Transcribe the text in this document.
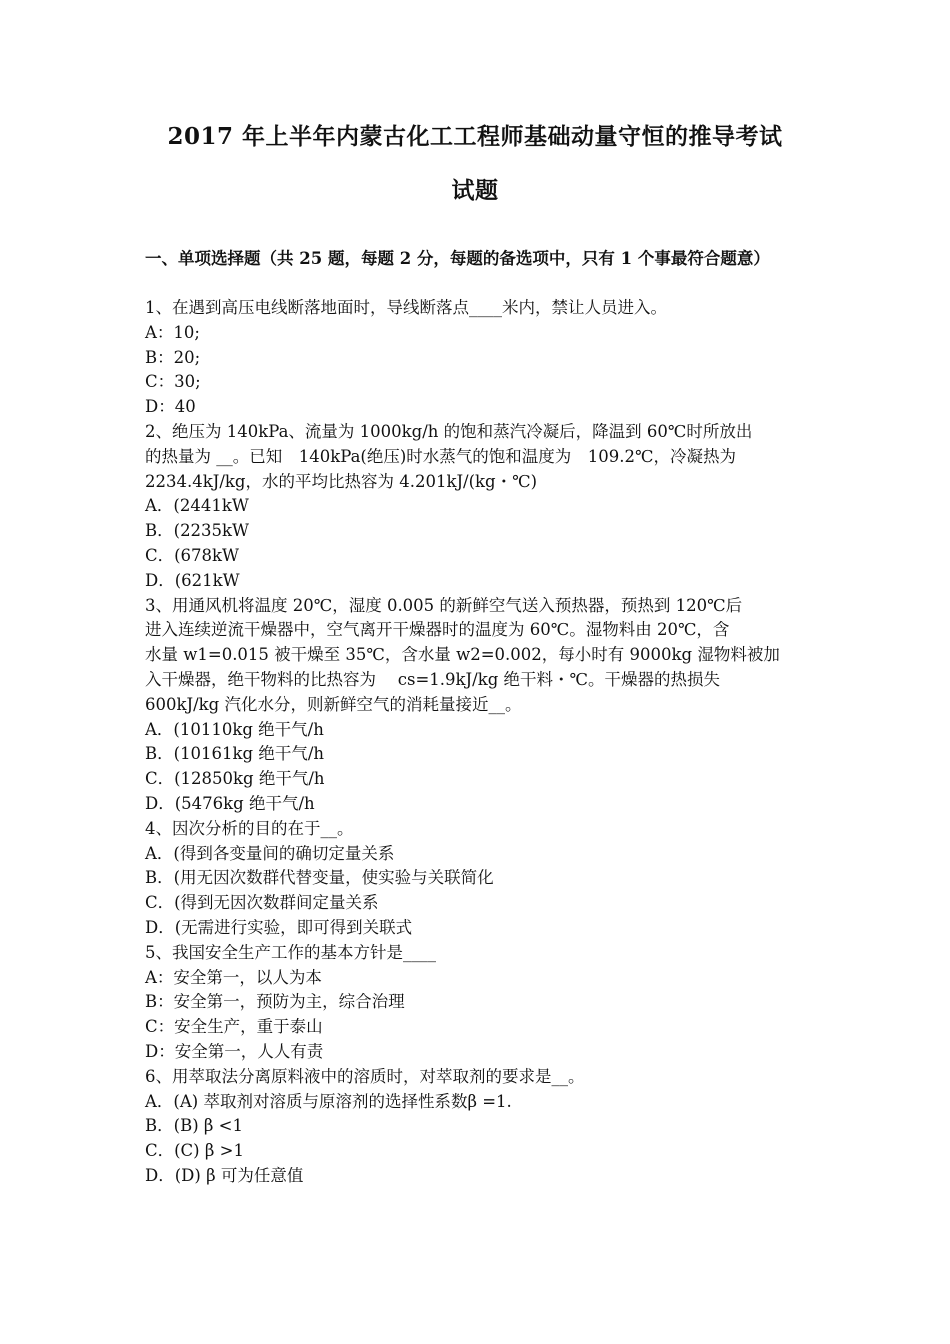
2017 年上半年内蒙古化工工程师基础动量守恒的推导考试
试题
一、单项选择题（共 25 题，每题 2 分，每题的备选项中，只有 1 个事最符合题意）
1、在遇到高压电线断落地面时，导线断落点____米内，禁让人员进入。
A：10;
B：20;
C：30;
D：40
2、绝压为 140kPa、流量为 1000kg/h 的饱和蒸汽冷凝后，降温到 60℃时所放出
的热量为 __。已知　140kPa(绝压)时水蒸气的饱和温度为　109.2℃，冷凝热为
2234.4kJ/kg，水的平均比热容为 4.201kJ/(kg・℃)
A．(2441kW
B．(2235kW
C．(678kW
D．(621kW
3、用通风机将温度 20℃，湿度 0.005 的新鲜空气送入预热器，预热到 120℃后
进入连续逆流干燥器中，空气离开干燥器时的温度为 60℃。湿物料由 20℃，含
水量 w1=0.015 被干燥至 35℃，含水量 w2=0.002，每小时有 9000kg 湿物料被加
入干燥器，绝干物料的比热容为　 cs=1.9kJ/kg 绝干料・℃。干燥器的热损失
600kJ/kg 汽化水分，则新鲜空气的消耗量接近__。
A．(10110kg 绝干气/h
B．(10161kg 绝干气/h
C．(12850kg 绝干气/h
D．(5476kg 绝干气/h
4、因次分析的目的在于__。
A．(得到各变量间的确切定量关系
B．(用无因次数群代替变量，使实验与关联简化
C．(得到无因次数群间定量关系
D．(无需进行实验，即可得到关联式
5、我国安全生产工作的基本方针是____
A：安全第一，以人为本
B：安全第一，预防为主，综合治理
C：安全生产，重于泰山
D：安全第一，人人有责
6、用萃取法分离原料液中的溶质时，对萃取剂的要求是__。
A．(A) 萃取剂对溶质与原溶剂的选择性系数β =1.
B．(B) β <1
C．(C) β >1
D．(D) β 可为任意值
